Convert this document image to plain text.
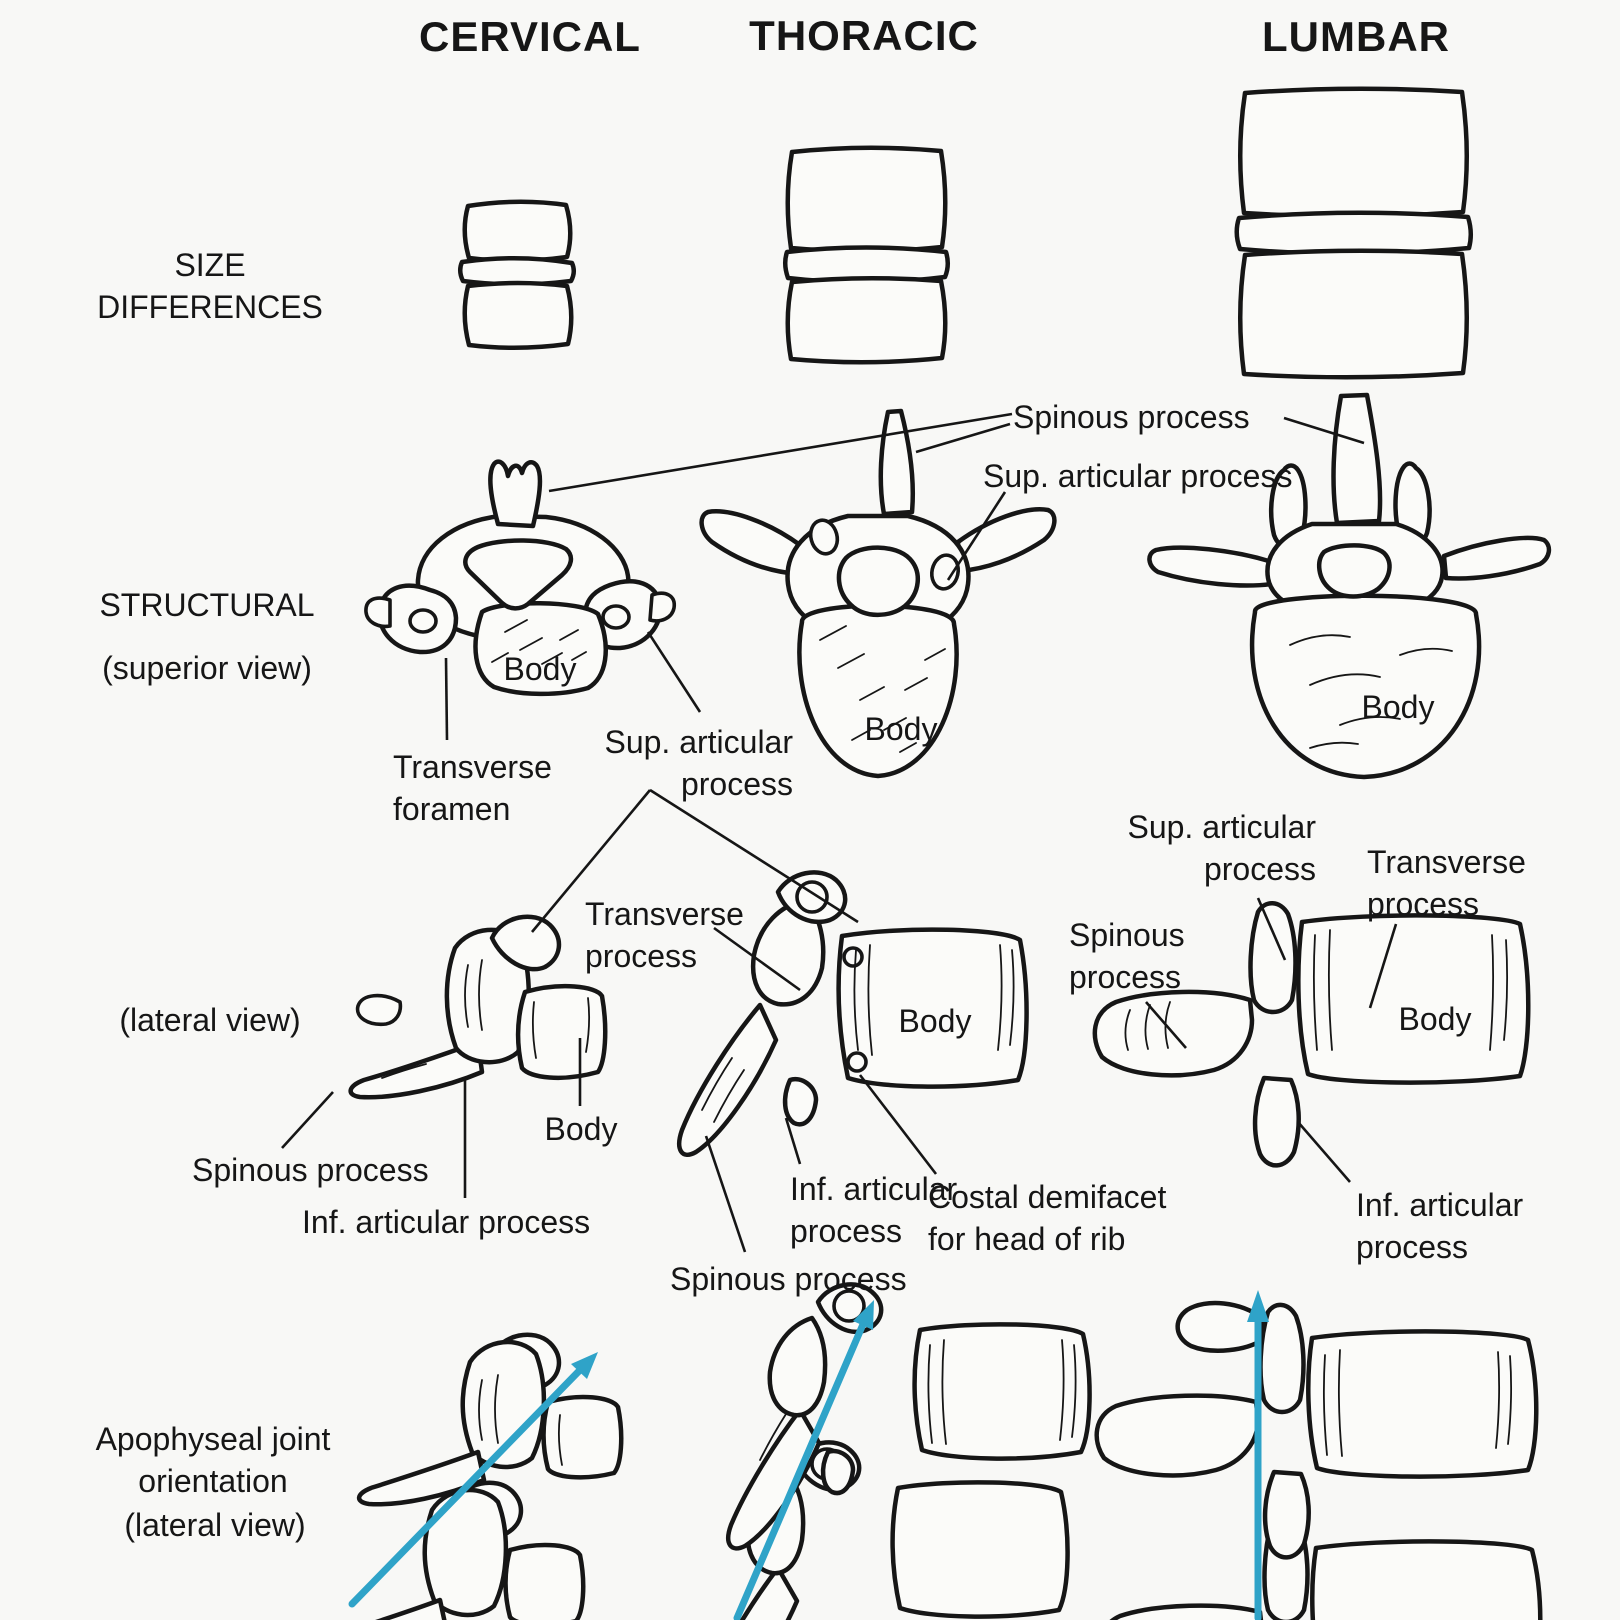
CERVICAL	THORACIC	LUMBAR
SIZE
DIFFERENCES
STRUCTURAL
(superior view)
(lateral view)
Apophyseal joint
orientation
(lateral view)
Spinous process
Sup. articular process
Body
Body
Body
Transverse
foramen
Sup. articular
process
Transverse
process
Sup. articular
process Transverse
process
Spinous
process
Body
Spinous process
Inf. articular process
Body
Inf. articular
process
Costal demifacet
for head of rib
Spinous process
Body
Inf. articular
process
